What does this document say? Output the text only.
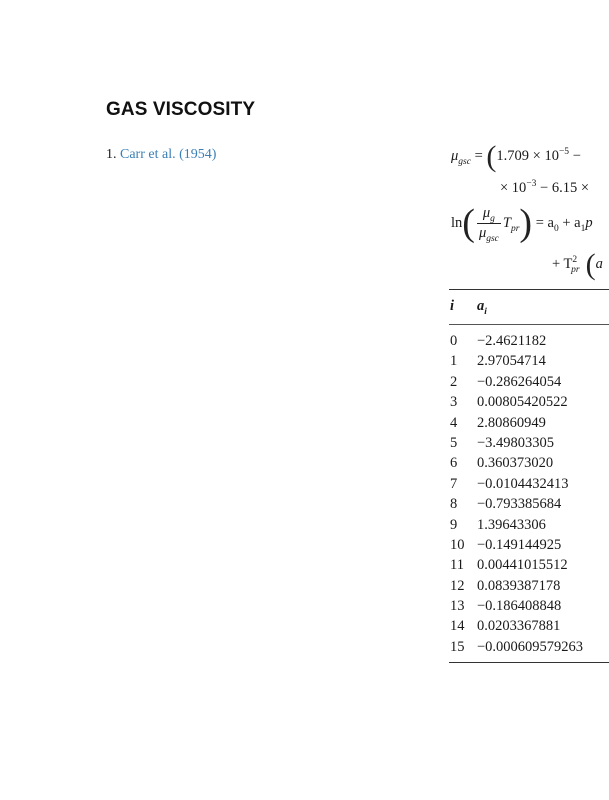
GAS VISCOSITY
1. Carr et al. (1954)	$\mu_{gsc} = (1.709 \times 10^{-5}$ −
× $10^{-3} - 6.15$ ×
$\ln( \frac{\mu_g}{\mu_{gsc}} T_{pr}) = a_0 + a_1p$
+ $T^2_{pr}$ (a
i $a_i$
0 −2.4621182
1 2.97054714
2 −0.286264054
3 0.00805420522
4 2.80860949
5 −3.49803305
6 0.360373020
7 −0.0104432413
8 −0.793385684
9 1.39643306
10 −0.149144925
11 0.00441015512
12 0.0839387178
13 −0.186408848
14 0.0203367881
15 −0.000609579263
